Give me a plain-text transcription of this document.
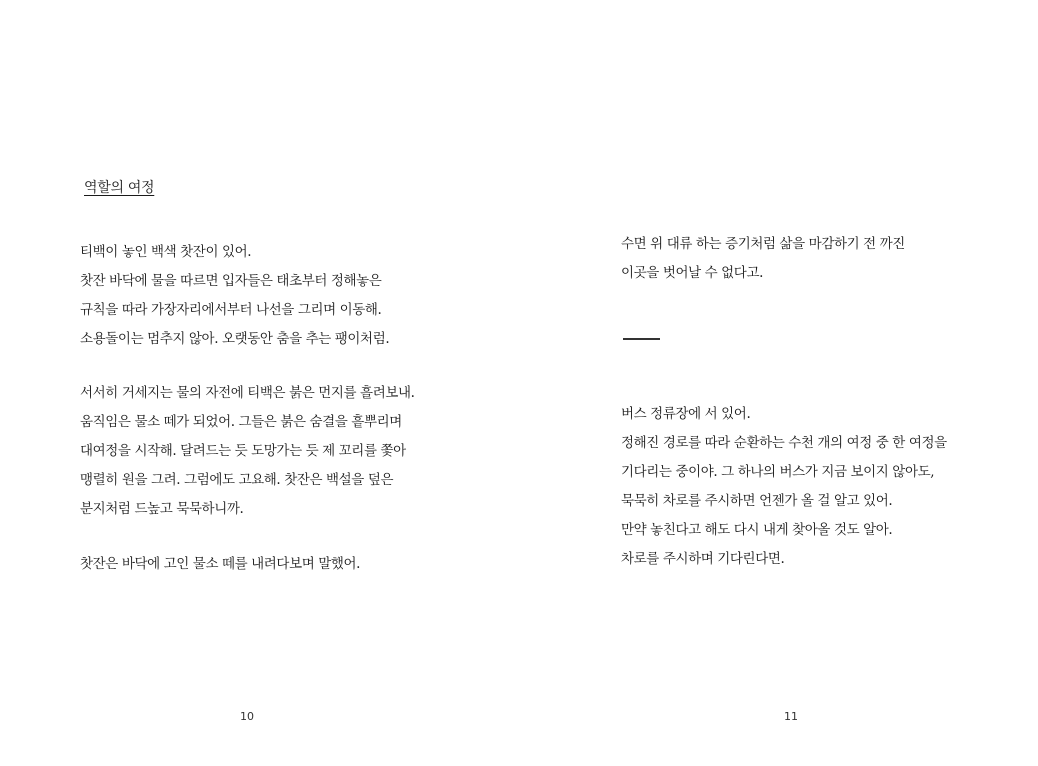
역할의 여정
티백이 놓인 백색 찻잔이 있어.
찻잔 바닥에 물을 따르면 입자들은 태초부터 정해놓은
규칙을 따라 가장자리에서부터 나선을 그리며 이동해.
소용돌이는 멈추지 않아. 오랫동안 춤을 추는 팽이처럼.
서서히 거세지는 물의 자전에 티백은 붉은 먼지를 흘려보내.
움직임은 물소 떼가 되었어. 그들은 붉은 숨결을 흩뿌리며
대여정을 시작해. 달려드는 듯 도망가는 듯 제 꼬리를 쫓아
맹렬히 원을 그려. 그럼에도 고요해. 찻잔은 백설을 덮은
분지처럼 드높고 묵묵하니까.
찻잔은 바닥에 고인 물소 떼를 내려다보며 말했어.
10
수면 위 대류 하는 증기처럼 삶을 마감하기 전 까진
이곳을 벗어날 수 없다고.
버스 정류장에 서 있어.
정해진 경로를 따라 순환하는 수천 개의 여정 중 한 여정을
기다리는 중이야. 그 하나의 버스가 지금 보이지 않아도,
묵묵히 차로를 주시하면 언젠가 올 걸 알고 있어.
만약 놓친다고 해도 다시 내게 찾아올 것도 알아.
차로를 주시하며 기다린다면.
11
